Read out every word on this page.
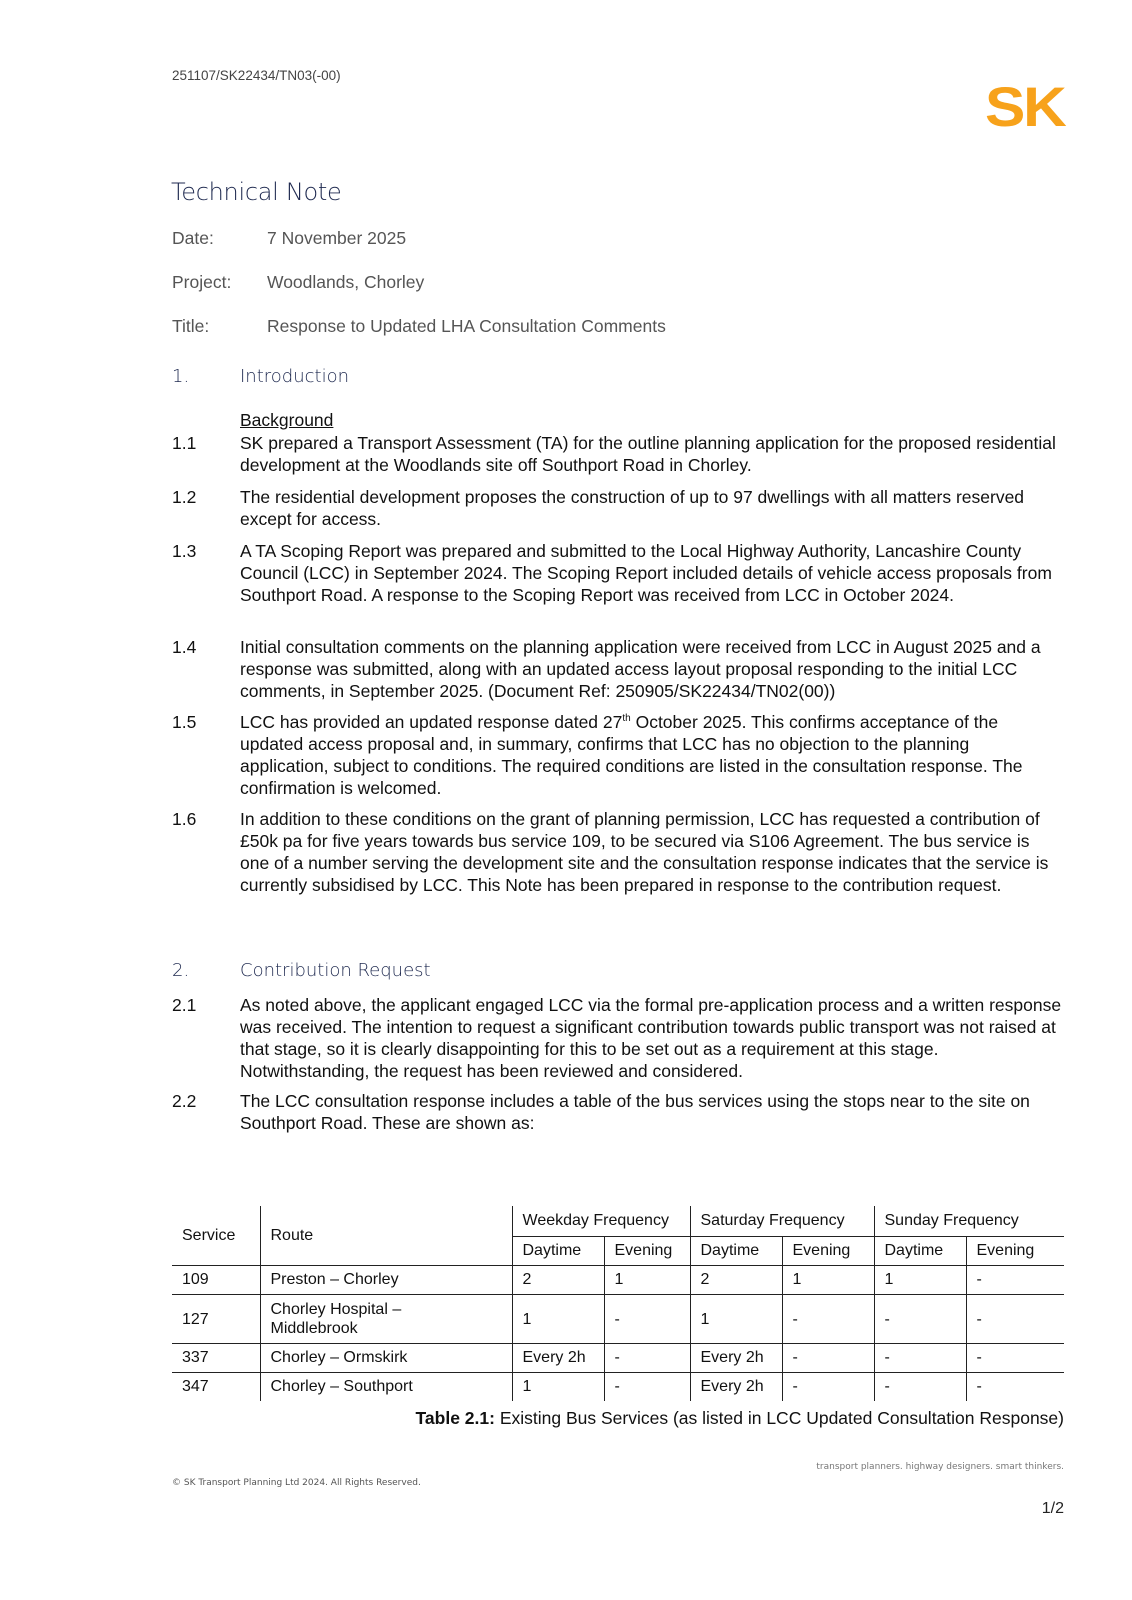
251107/SK22434/TN03(-00)	SK
Technical Note
Date:	7 November 2025
Project: Woodlands, Chorley
Title:	Response to Updated LHA Consultation Comments
1.	Introduction
Background
1.1	SK prepared a Transport Assessment (TA) for the outline planning application for the proposed residential development at the Woodlands site off Southport Road in Chorley.
1.2	The residential development proposes the construction of up to 97 dwellings with all matters reserved except for access.
1.3	A TA Scoping Report was prepared and submitted to the Local Highway Authority, Lancashire County Council (LCC) in September 2024. The Scoping Report included details of vehicle access proposals from Southport Road. A response to the Scoping Report was received from LCC in October 2024.
1.4	Initial consultation comments on the planning application were received from LCC in August 2025 and a response was submitted, along with an updated access layout proposal responding to the initial LCC comments, in September 2025. (Document Ref: 250905/SK22434/TN02(00))
1.5	LCC has provided an updated response dated 27th October 2025. This confirms acceptance of the updated access proposal and, in summary, confirms that LCC has no objection to the planning application, subject to conditions. The required conditions are listed in the consultation response. The confirmation is welcomed.
1.6	In addition to these conditions on the grant of planning permission, LCC has requested a contribution of £50k pa for five years towards bus service 109, to be secured via S106 Agreement. The bus service is one of a number serving the development site and the consultation response indicates that the service is currently subsidised by LCC. This Note has been prepared in response to the contribution request.
2.	Contribution Request
2.1	As noted above, the applicant engaged LCC via the formal pre-application process and a written response was received. The intention to request a significant contribution towards public transport was not raised at that stage, so it is clearly disappointing for this to be set out as a requirement at this stage. Notwithstanding, the request has been reviewed and considered.
2.2	The LCC consultation response includes a table of the bus services using the stops near to the site on Southport Road. These are shown as:
Service	Route	Weekday Frequency		Saturday Frequency		Sunday Frequency	
		Daytime	Evening	Daytime	Evening	Daytime	Evening
109	Preston – Chorley	2	1	2	1	1	-
127	Chorley Hospital –
Middlebrook	1	-	1	-	-	-
337	Chorley – Ormskirk	Every 2h	-	Every 2h	-	-	-
347	Chorley – Southport	1	-	Every 2h	-	-	-
Table 2.1: Existing Bus Services (as listed in LCC Updated Consultation Response)
transport planners. highway designers. smart thinkers.
© SK Transport Planning Ltd 2024. All Rights Reserved.
1/2
